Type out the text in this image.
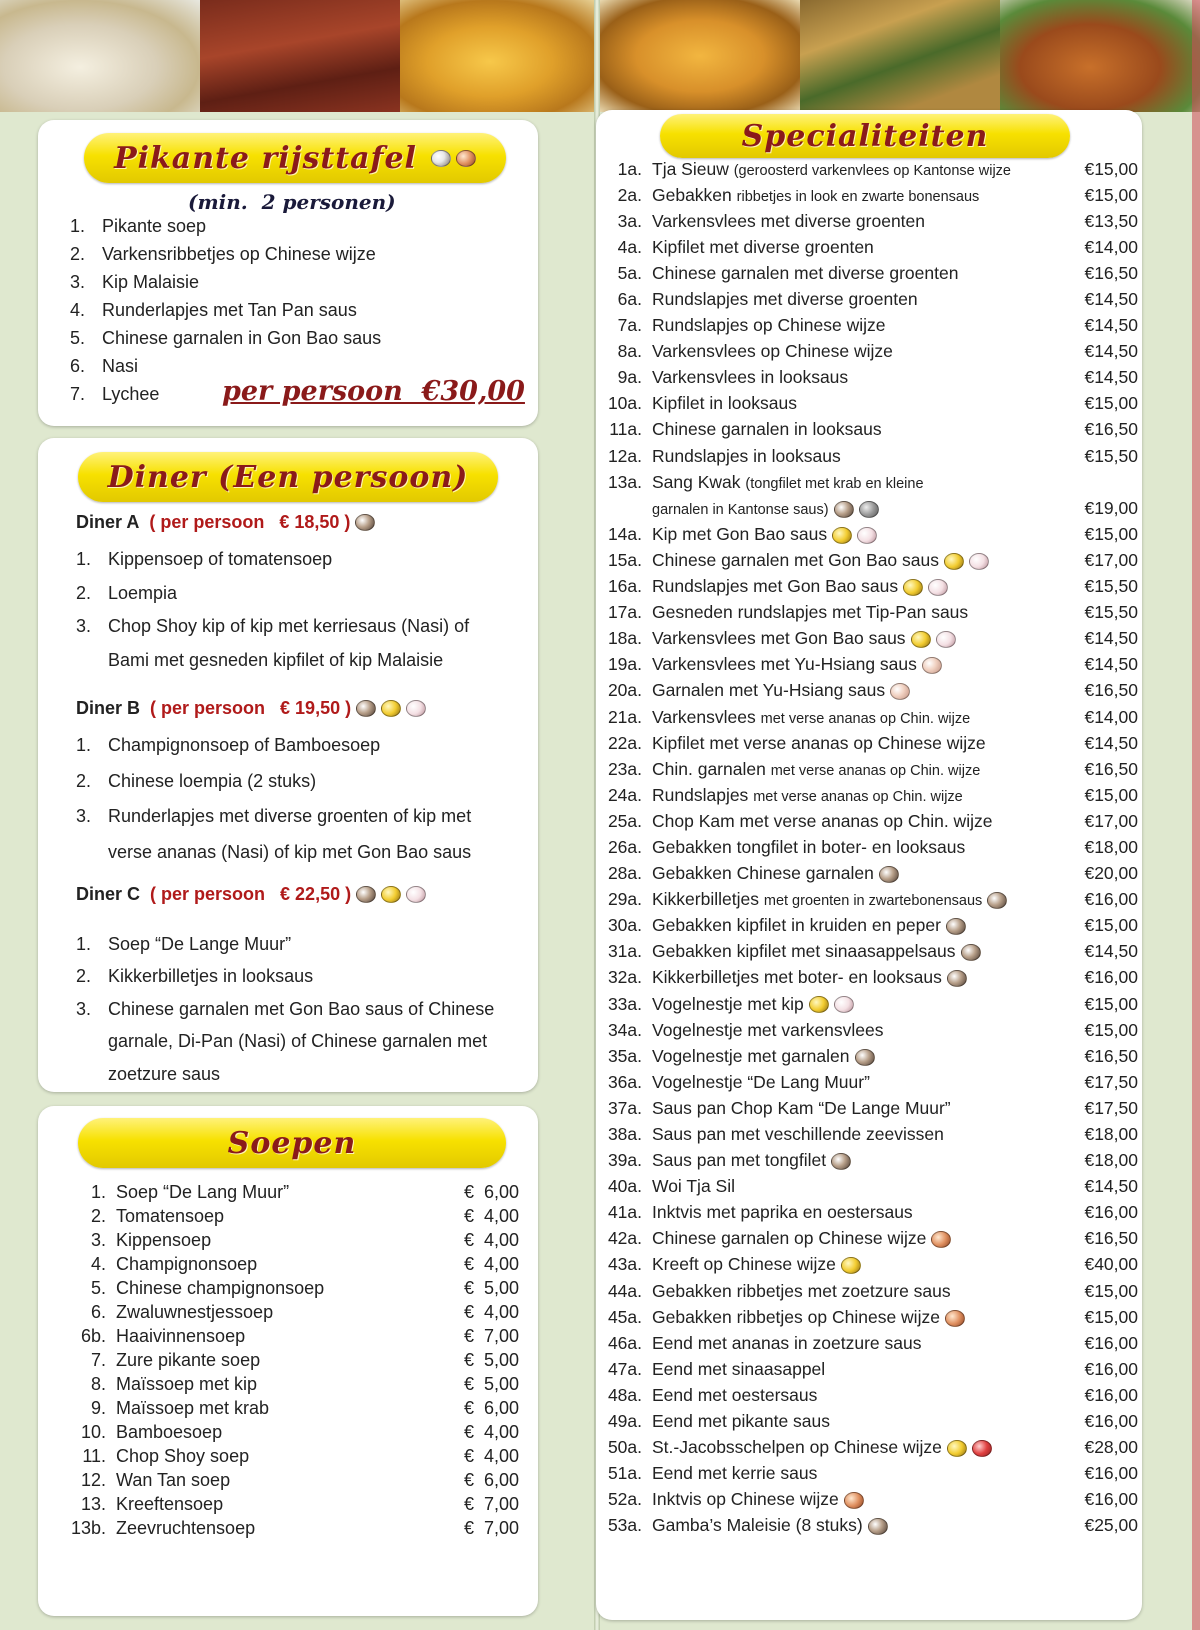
Pikante rijsttafel
(min.  2 personen)
1. Pikante soep
2. Varkensribbetjes op Chinese wijze
3. Kip Malaisie
4. Runderlapjes met Tan Pan saus
5. Chinese garnalen in Gon Bao saus
6. Nasi
7. Lychee per persoon  €30,00
Diner (Een persoon)
Diner A ( per persoon   € 18,50 )
1. Kippensoep of tomatensoep
2. Loempia
3. Chop Shoy kip of kip met kerriesaus (Nasi) of
Bami met gesneden kipfilet of kip Malaisie
Diner B ( per persoon   € 19,50 )
1. Champignonsoep of Bamboesoep
2. Chinese loempia (2 stuks)
3. Runderlapjes met diverse groenten of kip met
verse ananas (Nasi) of kip met Gon Bao saus
Diner C ( per persoon   € 22,50 )
1. Soep “De Lange Muur”
2. Kikkerbilletjes in looksaus
3. Chinese garnalen met Gon Bao saus of Chinese
garnale, Di-Pan (Nasi) of Chinese garnalen met
zoetzure saus
Soepen
1. Soep “De Lang Muur”	€  6,00
2. Tomatensoep	€  4,00
3. Kippensoep	€  4,00
4. Champignonsoep	€  4,00
5. Chinese champignonsoep	€  5,00
6. Zwaluwnestjessoep	€  4,00
6b. Haaivinnensoep	€  7,00
7. Zure pikante soep	€  5,00
8. Maïssoep met kip	€  5,00
9. Maïssoep met krab	€  6,00
10. Bamboesoep	€  4,00
11. Chop Shoy soep	€  4,00
12. Wan Tan soep	€  6,00
13. Kreeftensoep	€  7,00
13b. Zeevruchtensoep	€  7,00
Specialiteiten
1a. Tja Sieuw (geroosterd varkenvlees op Kantonse wijze	€15,00
2a. Gebakken ribbetjes in look en zwarte bonensaus	€15,00
3a. Varkensvlees met diverse groenten	€13,50
4a. Kipfilet met diverse groenten	€14,00
5a. Chinese garnalen met diverse groenten	€16,50
6a. Rundslapjes met diverse groenten	€14,50
7a. Rundslapjes op Chinese wijze	€14,50
8a. Varkensvlees op Chinese wijze	€14,50
9a. Varkensvlees in looksaus	€14,50
10a. Kipfilet in looksaus	€15,00
11a. Chinese garnalen in looksaus	€16,50
12a. Rundslapjes in looksaus	€15,50
13a. Sang Kwak (tongfilet met krab en kleine
garnalen in Kantonse saus)	€19,00
14a. Kip met Gon Bao saus	€15,00
15a. Chinese garnalen met Gon Bao saus	€17,00
16a. Rundslapjes met Gon Bao saus	€15,50
17a. Gesneden rundslapjes met Tip-Pan saus	€15,50
18a. Varkensvlees met Gon Bao saus	€14,50
19a. Varkensvlees met Yu-Hsiang saus	€14,50
20a. Garnalen met Yu-Hsiang saus	€16,50
21a. Varkensvlees met verse ananas op Chin. wijze	€14,00
22a. Kipfilet met verse ananas op Chinese wijze	€14,50
23a. Chin. garnalen met verse ananas op Chin. wijze	€16,50
24a. Rundslapjes met verse ananas op Chin. wijze	€15,00
25a. Chop Kam met verse ananas op Chin. wijze	€17,00
26a. Gebakken tongfilet in boter- en looksaus	€18,00
28a. Gebakken Chinese garnalen	€20,00
29a. Kikkerbilletjes met groenten in zwartebonensaus	€16,00
30a. Gebakken kipfilet in kruiden en peper	€15,00
31a. Gebakken kipfilet met sinaasappelsaus	€14,50
32a. Kikkerbilletjes met boter- en looksaus	€16,00
33a. Vogelnestje met kip	€15,00
34a. Vogelnestje met varkensvlees	€15,00
35a. Vogelnestje met garnalen	€16,50
36a. Vogelnestje “De Lang Muur”	€17,50
37a. Saus pan Chop Kam “De Lange Muur”	€17,50
38a. Saus pan met veschillende zeevissen	€18,00
39a. Saus pan met tongfilet	€18,00
40a. Woi Tja Sil	€14,50
41a. Inktvis met paprika en oestersaus	€16,00
42a. Chinese garnalen op Chinese wijze	€16,50
43a. Kreeft op Chinese wijze	€40,00
44a. Gebakken ribbetjes met zoetzure saus	€15,00
45a. Gebakken ribbetjes op Chinese wijze	€15,00
46a. Eend met ananas in zoetzure saus	€16,00
47a. Eend met sinaasappel	€16,00
48a. Eend met oestersaus	€16,00
49a. Eend met pikante saus	€16,00
50a. St.-Jacobsschelpen op Chinese wijze	€28,00
51a. Eend met kerrie saus	€16,00
52a. Inktvis op Chinese wijze	€16,00
53a. Gamba’s Maleisie (8 stuks)	€25,00
